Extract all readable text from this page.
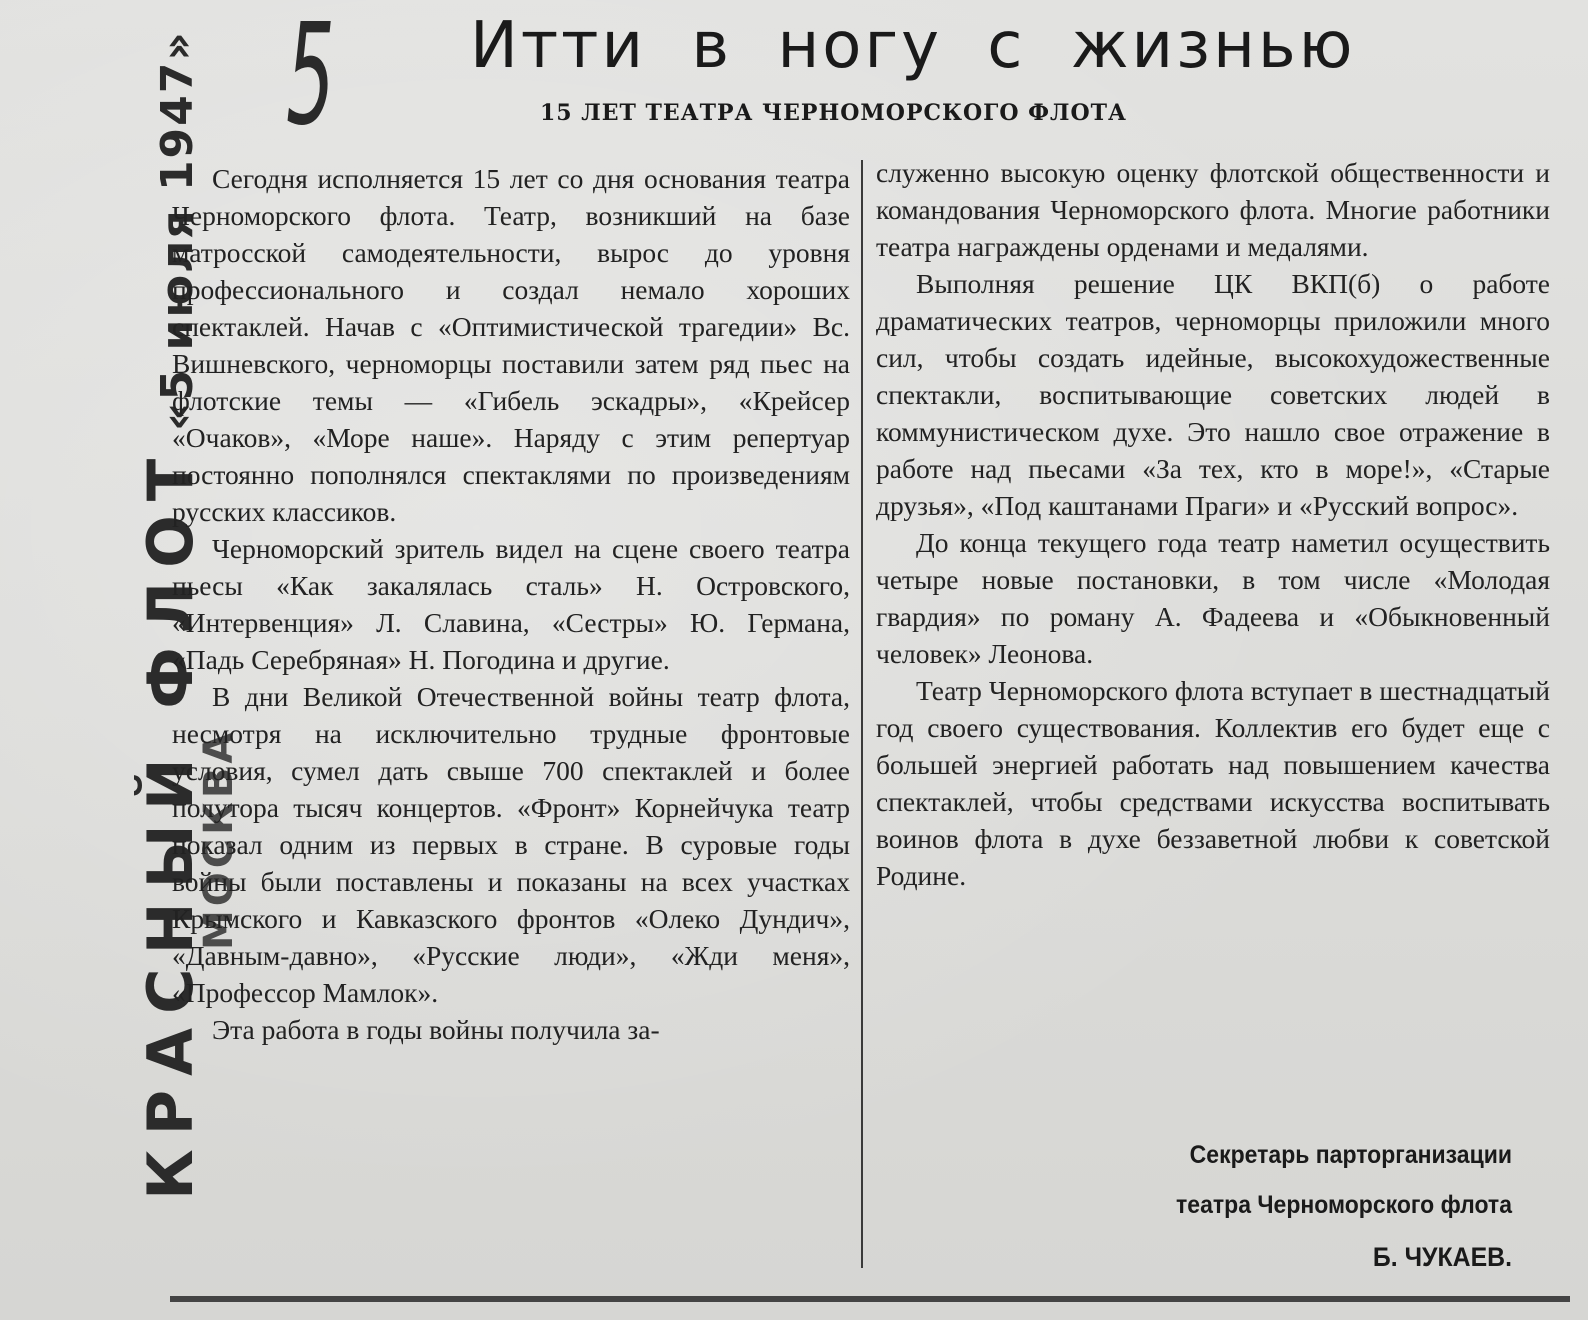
5 Итти в ногу с жизнью
15 ЛЕТ ТЕАТРА ЧЕРНОМОРСКОГО ФЛОТА
КРАСНЫЙ ФЛОТ«5 июля 1947»
МОСКВА

Сегодня исполняется 15 лет со дня основания театра Черноморского флота. Театр, возникший на базе матросской самодеятельности, вырос до уровня профессионального и создал немало хороших спектаклей. Начав с «Оптимистической трагедии» Вс. Вишневского, черноморцы поставили затем ряд пьес на флотские темы — «Гибель эскадры», «Крейсер «Очаков», «Море наше». Наряду с этим репертуар постоянно пополнялся спектаклями по произведениям русских классиков.

Черноморский зритель видел на сцене своего театра пьесы «Как закалялась сталь» Н. Островского, «Интервенция» Л. Славина, «Сестры» Ю. Германа, «Падь Серебряная» Н. Погодина и другие.

В дни Великой Отечественной войны театр флота, несмотря на исключительно трудные фронтовые условия, сумел дать свыше 700 спектаклей и более полутора тысяч концертов. «Фронт» Корнейчука театр показал одним из первых в стране. В суровые годы войны были поставлены и показаны на всех участках Крымского и Кавказского фронтов «Олеко Дундич», «Давным-давно», «Русские люди», «Жди меня», «Профессор Мамлок».

Эта работа в годы войны получила за-

служенно высокую оценку флотской общественности и командования Черноморского флота. Многие работники театра награждены орденами и медалями.

Выполняя решение ЦК ВКП(б) о работе драматических театров, черноморцы приложили много сил, чтобы создать идейные, высокохудожественные спектакли, воспитывающие советских людей в коммунистическом духе. Это нашло свое отражение в работе над пьесами «За тех, кто в море!», «Старые друзья», «Под каштанами Праги» и «Русский вопрос».

До конца текущего года театр наметил осуществить четыре новые постановки, в том числе «Молодая гвардия» по роману А. Фадеева и «Обыкновенный человек» Леонова.

Театр Черноморского флота вступает в шестнадцатый год своего существования. Коллектив его будет еще с большей энергией работать над повышением качества спектаклей, чтобы средствами искусства воспитывать воинов флота в духе беззаветной любви к советской Родине.

Секретарь парторганизации
театра Черноморского флота
Б. ЧУКАЕВ.
